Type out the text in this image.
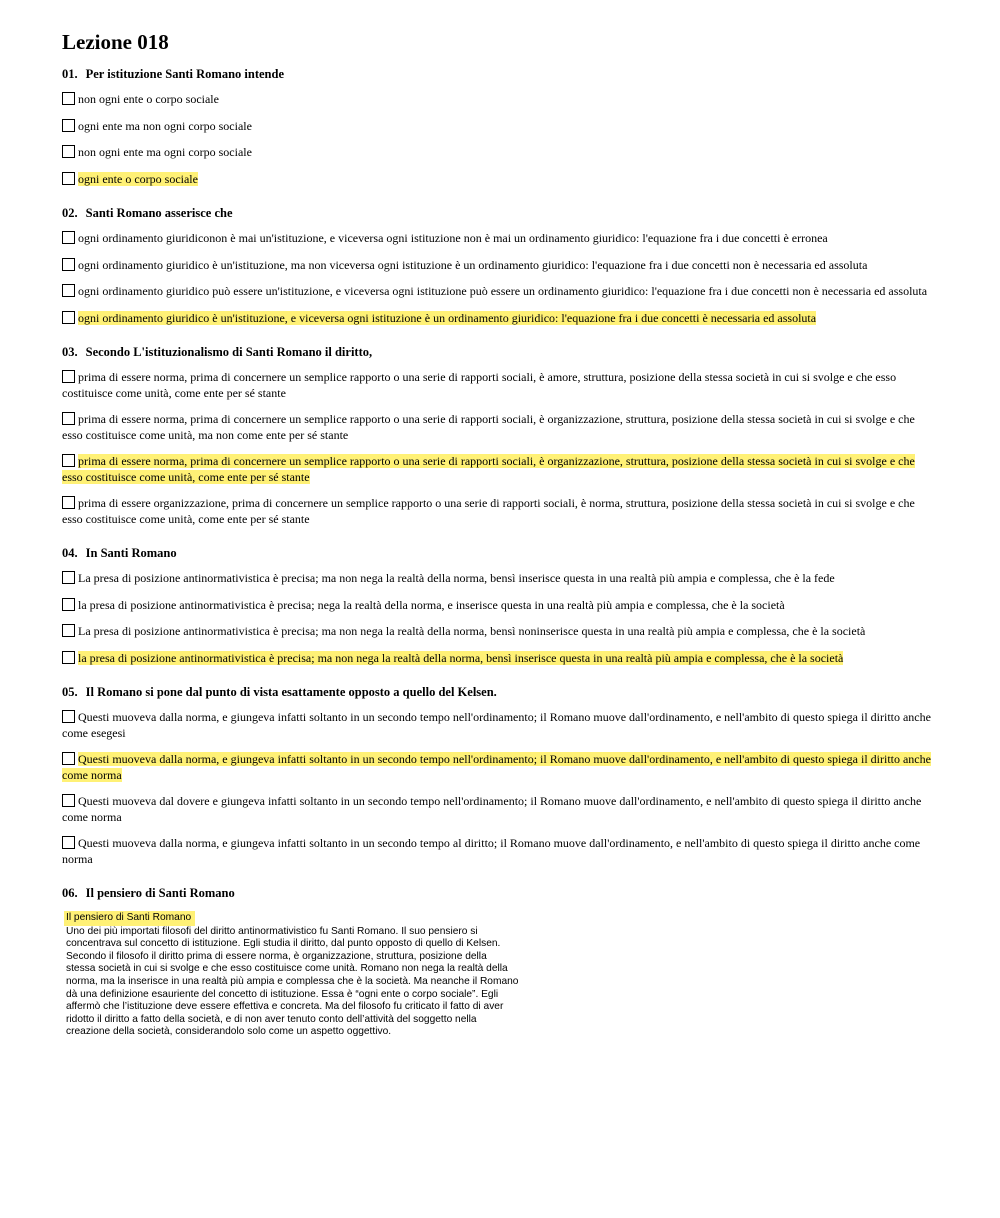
Lezione 018
01. Per istituzione Santi Romano intende
non ogni ente o corpo sociale
ogni ente ma non ogni corpo sociale
non ogni ente ma ogni corpo sociale
ogni ente o corpo sociale
02. Santi Romano asserisce che
ogni ordinamento giuridiconon è mai un'istituzione, e viceversa ogni istituzione non è mai un ordinamento giuridico: l'equazione fra i due concetti è erronea
ogni ordinamento giuridico è un'istituzione, ma non viceversa ogni istituzione è un ordinamento giuridico: l'equazione fra i due concetti non è necessaria ed assoluta
ogni ordinamento giuridico può essere un'istituzione, e viceversa ogni istituzione può essere un ordinamento giuridico: l'equazione fra i due concetti non è necessaria ed assoluta
ogni ordinamento giuridico è un'istituzione, e viceversa ogni istituzione è un ordinamento giuridico: l'equazione fra i due concetti è necessaria ed assoluta
03. Secondo L'istituzionalismo di Santi Romano il diritto,
prima di essere norma, prima di concernere un semplice rapporto o una serie di rapporti sociali, è amore, struttura, posizione della stessa società in cui si svolge e che esso costituisce come unità, come ente per sé stante
prima di essere norma, prima di concernere un semplice rapporto o una serie di rapporti sociali, è organizzazione, struttura, posizione della stessa società in cui si svolge e che esso costituisce come unità, ma non come ente per sé stante
prima di essere norma, prima di concernere un semplice rapporto o una serie di rapporti sociali, è organizzazione, struttura, posizione della stessa società in cui si svolge e che esso costituisce come unità, come ente per sé stante
prima di essere organizzazione, prima di concernere un semplice rapporto o una serie di rapporti sociali, è norma, struttura, posizione della stessa società in cui si svolge e che esso costituisce come unità, come ente per sé stante
04. In Santi Romano
La presa di posizione antinormativistica è precisa; ma non nega la realtà della norma, bensì inserisce questa in una realtà più ampia e complessa, che è la fede
la presa di posizione antinormativistica è precisa; nega la realtà della norma, e inserisce questa in una realtà più ampia e complessa, che è la società
La presa di posizione antinormativistica è precisa; ma non nega la realtà della norma, bensì noninserisce questa in una realtà più ampia e complessa, che è la società
la presa di posizione antinormativistica è precisa; ma non nega la realtà della norma, bensì inserisce questa in una realtà più ampia e complessa, che è la società
05. Il Romano si pone dal punto di vista esattamente opposto a quello del Kelsen.
Questi muoveva dalla norma, e giungeva infatti soltanto in un secondo tempo nell'ordinamento; il Romano muove dall'ordinamento, e nell'ambito di questo spiega il diritto anche come esegesi
Questi muoveva dalla norma, e giungeva infatti soltanto in un secondo tempo nell'ordinamento; il Romano muove dall'ordinamento, e nell'ambito di questo spiega il diritto anche come norma
Questi muoveva dal dovere e giungeva infatti soltanto in un secondo tempo nell'ordinamento; il Romano muove dall'ordinamento, e nell'ambito di questo spiega il diritto anche come norma
Questi muoveva dalla norma, e giungeva infatti soltanto in un secondo tempo al diritto; il Romano muove dall'ordinamento, e nell'ambito di questo spiega il diritto anche come norma
06. Il pensiero di Santi Romano
Il pensiero di Santi Romano
Uno dei più importati filosofi del diritto antinormativistico fu Santi Romano. Il suo pensiero si
concentrava sul concetto di istituzione. Egli studia il diritto, dal punto opposto di quello di Kelsen.
Secondo il filosofo il diritto prima di essere norma, è organizzazione, struttura, posizione della
stessa società in cui si svolge e che esso costituisce come unità. Romano non nega la realtà della
norma, ma la inserisce in una realtà più ampia e complessa che è la società. Ma neanche il Romano
dà una definizione esauriente del concetto di istituzione. Essa è “ogni ente o corpo sociale”. Egli
affermò che l’istituzione deve essere effettiva e concreta. Ma del filosofo fu criticato il fatto di aver
ridotto il diritto a fatto della società, e di non aver tenuto conto dell’attività del soggetto nella
creazione della società, considerandolo solo come un aspetto oggettivo.
